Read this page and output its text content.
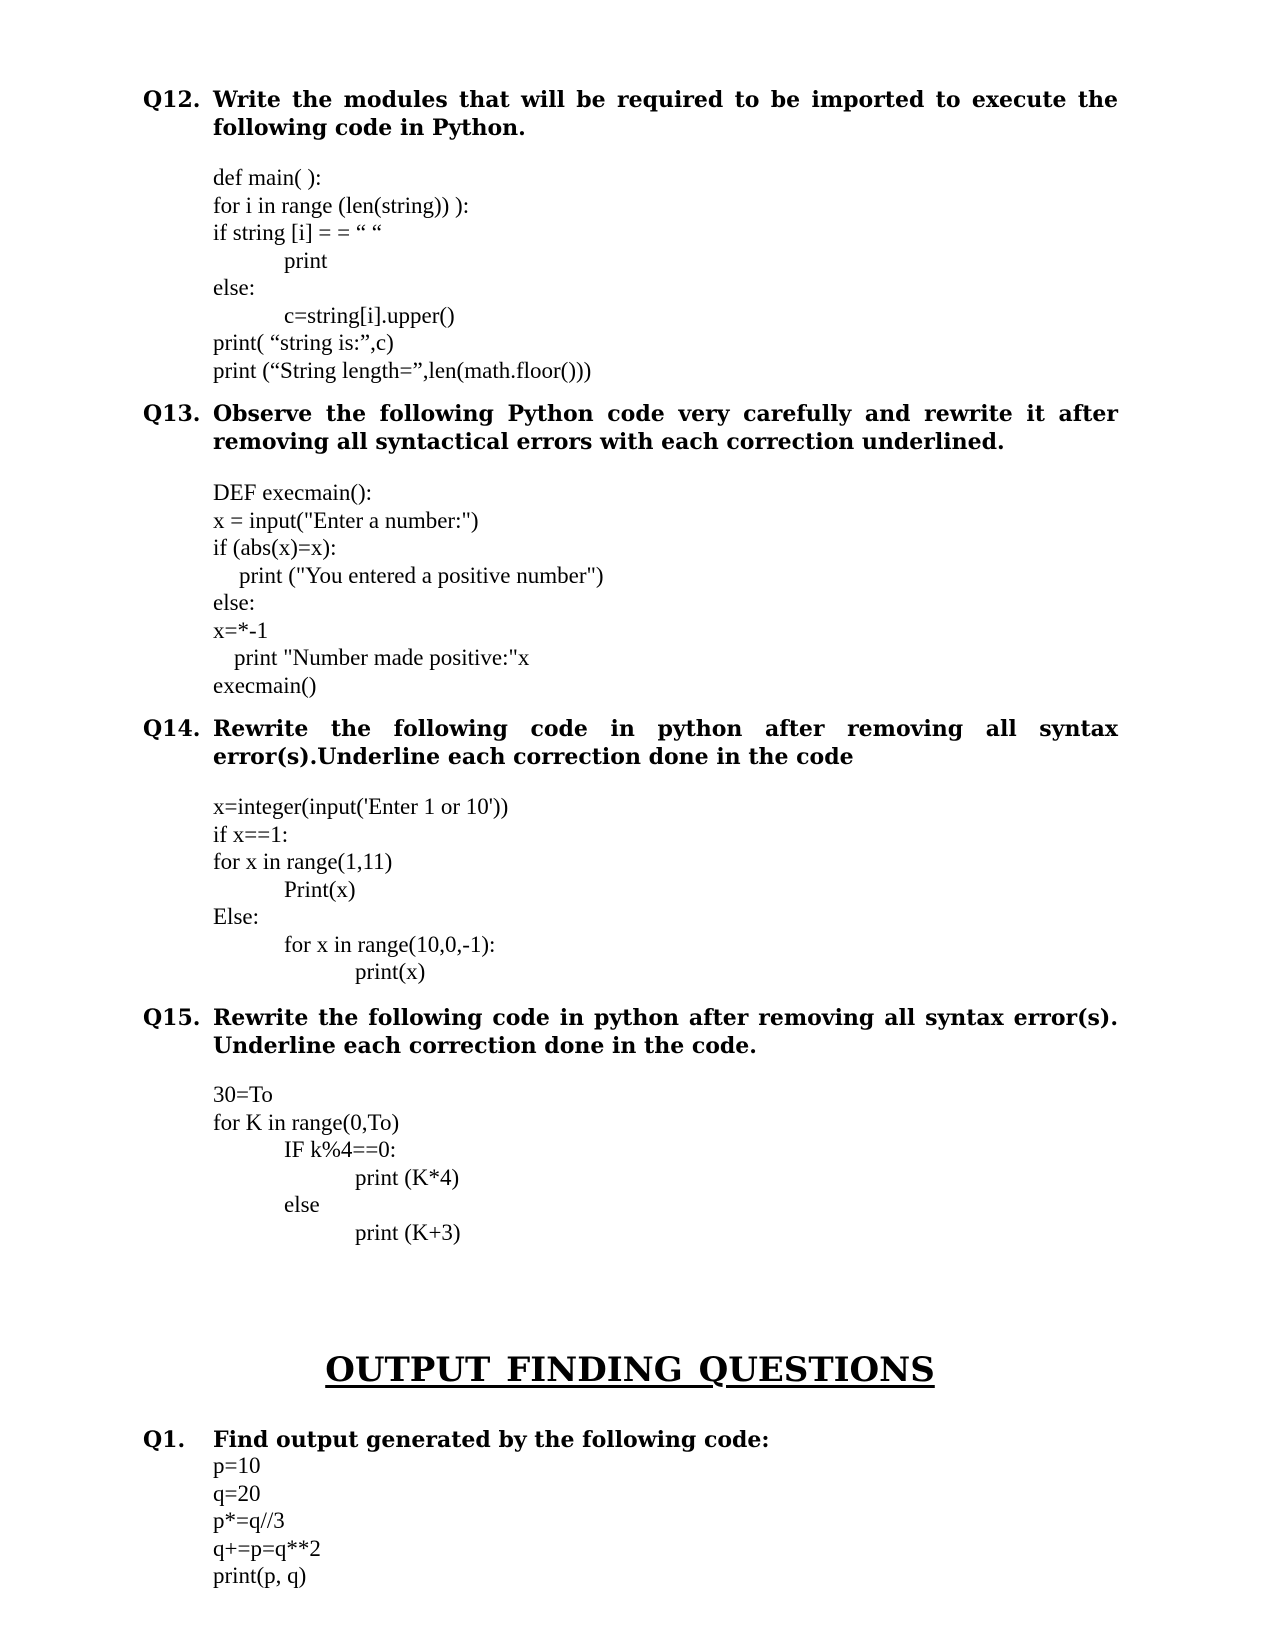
Q12. Write the modules that will be required to be imported to execute the following code in Python.
def main( ):
for i in range (len(string)) ):
if string [i] = = “ “
print
else:
c=string[i].upper()
print( “string is:”,c)
print (“String length=”,len(math.floor()))
Q13. Observe the following Python code very carefully and rewrite it after removing all syntactical errors with each correction underlined.
DEF execmain():
x = input("Enter a number:")
if (abs(x)=x):
print ("You entered a positive number")
else:
x=*-1
print "Number made positive:"x
execmain()
Q14. Rewrite the following code in python after removing all syntax error(s).Underline each correction done in the code
x=integer(input('Enter 1 or 10'))
if x==1:
for x in range(1,11)
Print(x)
Else:
for x in range(10,0,-1):
print(x)
Q15. Rewrite the following code in python after removing all syntax error(s). Underline each correction done in the code.
30=To
for K in range(0,To)
IF k%4==0:
print (K*4)
else
print (K+3)
OUTPUT FINDING QUESTIONS
Q1. Find output generated by the following code:
p=10
q=20
p*=q//3
q+=p=q**2
print(p, q)
